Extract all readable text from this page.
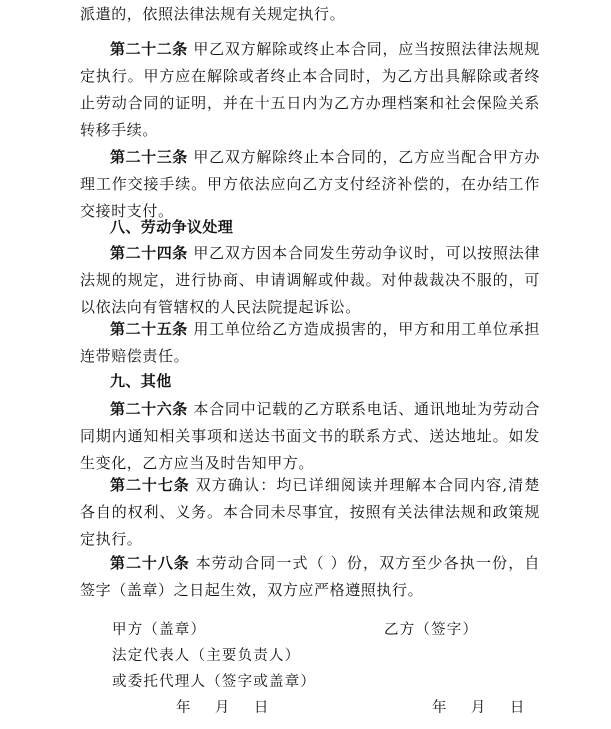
派遣的，依照法律法规有关规定执行。

第二十二条 甲乙双方解除或终止本合同，应当按照法律法规规定执行。甲方应在解除或者终止本合同时，为乙方出具解除或者终止劳动合同的证明，并在十五日内为乙方办理档案和社会保险关系转移手续。

第二十三条 甲乙双方解除终止本合同的，乙方应当配合甲方办理工作交接手续。甲方依法应向乙方支付经济补偿的，在办结工作交接时支付。

八、劳动争议处理

第二十四条 甲乙双方因本合同发生劳动争议时，可以按照法律法规的规定，进行协商、申请调解或仲裁。对仲裁裁决不服的，可以依法向有管辖权的人民法院提起诉讼。

第二十五条 用工单位给乙方造成损害的，甲方和用工单位承担连带赔偿责任。

九、其他

第二十六条 本合同中记载的乙方联系电话、通讯地址为劳动合同期内通知相关事项和送达书面文书的联系方式、送达地址。如发生变化，乙方应当及时告知甲方。

第二十七条 双方确认：均已详细阅读并理解本合同内容,清楚各自的权利、义务。本合同未尽事宜，按照有关法律法规和政策规定执行。

第二十八条 本劳动合同一式（ ）份，双方至少各执一份，自签字（盖章）之日起生效，双方应严格遵照执行。

甲方（盖章）	乙方（签字）

法定代表人（主要负责人）

或委托代理人（签字或盖章）

年    月    日	年    月    日
